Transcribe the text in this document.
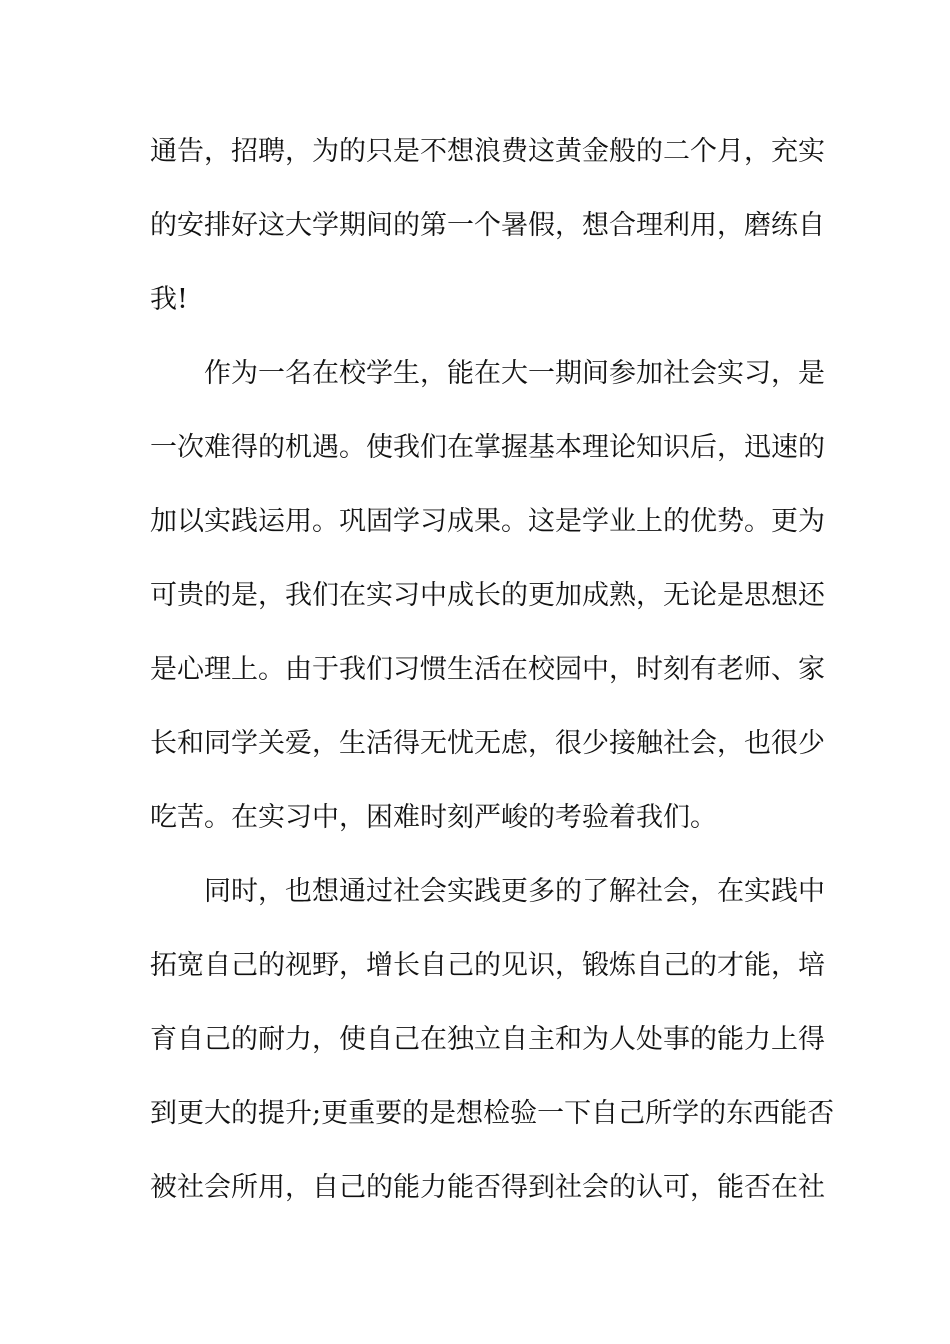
通告，招聘，为的只是不想浪费这黄金般的二个月，充实
的安排好这大学期间的第一个暑假，想合理利用，磨练自
我!
作为一名在校学生，能在大一期间参加社会实习，是
一次难得的机遇。使我们在掌握基本理论知识后，迅速的
加以实践运用。巩固学习成果。这是学业上的优势。更为
可贵的是，我们在实习中成长的更加成熟，无论是思想还
是心理上。由于我们习惯生活在校园中，时刻有老师、家
长和同学关爱，生活得无忧无虑，很少接触社会，也很少
吃苦。在实习中，困难时刻严峻的考验着我们。
同时，也想通过社会实践更多的了解社会，在实践中
拓宽自己的视野，增长自己的见识，锻炼自己的才能，培
育自己的耐力，使自己在独立自主和为人处事的能力上得
到更大的提升;更重要的是想检验一下自己所学的东西能否
被社会所用，自己的能力能否得到社会的认可，能否在社
